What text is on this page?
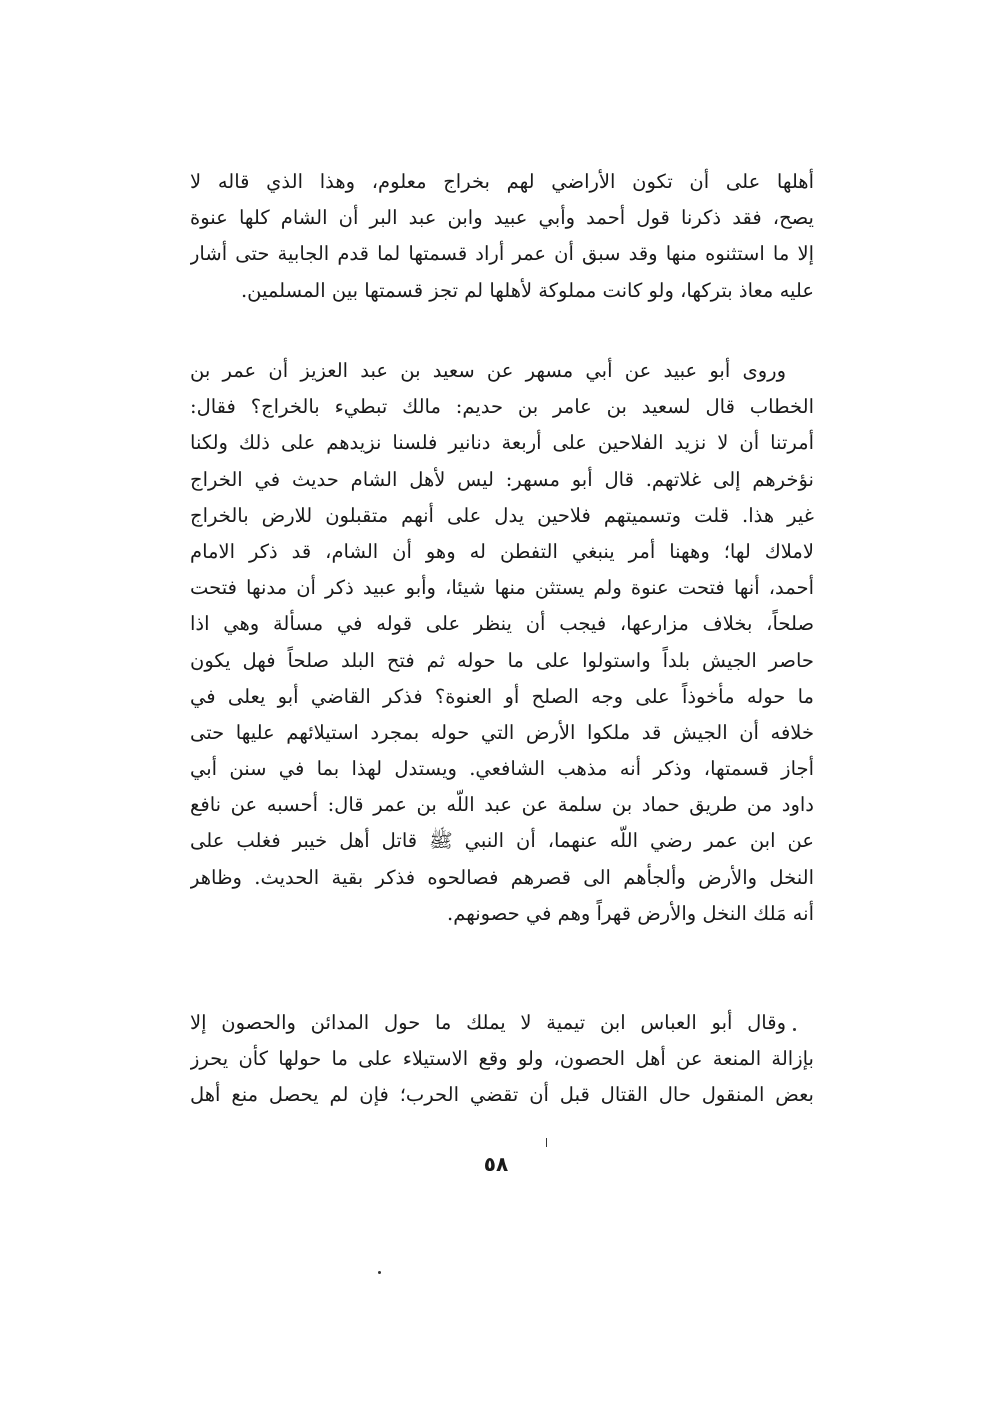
أهلها على أن تكون الأراضي لهم بخراج معلوم، وهذا الذي قاله لا
يصح، فقد ذكرنا قول أحمد وأبي عبيد وابن عبد البر أن الشام كلها عنوة
إلا ما استثنوه منها وقد سبق أن عمر أراد قسمتها لما قدم الجابية حتى أشار
عليه معاذ بتركها، ولو كانت مملوكة لأهلها لم تجز قسمتها بين المسلمين.
وروى أبو عبيد عن أبي مسهر عن سعيد بن عبد العزيز أن عمر بن
الخطاب قال لسعيد بن عامر بن حديم: مالك تبطيء بالخراج؟ فقال:
أمرتنا أن لا نزيد الفلاحين على أربعة دنانير فلسنا نزيدهم على ذلك ولكنا
نؤخرهم إلى غلاتهم. قال أبو مسهر: ليس لأهل الشام حديث في الخراج
غير هذا. قلت وتسميتهم فلاحين يدل على أنهم متقبلون للارض بالخراج
لاملاك لها؛ وههنا أمر ينبغي التفطن له وهو أن الشام، قد ذكر الامام
أحمد، أنها فتحت عنوة ولم يستثن منها شيئا، وأبو عبيد ذكر أن مدنها فتحت
صلحاً، بخلاف مزارعها، فيجب أن ينظر على قوله في مسألة وهي اذا
حاصر الجيش بلداً واستولوا على ما حوله ثم فتح البلد صلحاً فهل يكون
ما حوله مأخوذاً على وجه الصلح أو العنوة؟ فذكر القاضي أبو يعلى في
خلافه أن الجيش قد ملكوا الأرض التي حوله بمجرد استيلائهم عليها حتى
أجاز قسمتها، وذكر أنه مذهب الشافعي. ويستدل لهذا بما في سنن أبي
داود من طريق حماد بن سلمة عن عبد اللّه بن عمر قال: أحسبه عن نافع
عن ابن عمر رضي اللّه عنهما، أن النبي ﷺ قاتل أهل خيبر فغلب على
النخل والأرض وألجأهم الى قصرهم فصالحوه فذكر بقية الحديث. وظاهر
أنه مَلك النخل والأرض قهراً وهم في حصونهم.
وقال أبو العباس ابن تيمية لا يملك ما حول المدائن والحصون إلا
بإزالة المنعة عن أهل الحصون، ولو وقع الاستيلاء على ما حولها كأن يحرز
بعض المنقول حال القتال قبل أن تقضي الحرب؛ فإن لم يحصل منع أهل
٥٨
